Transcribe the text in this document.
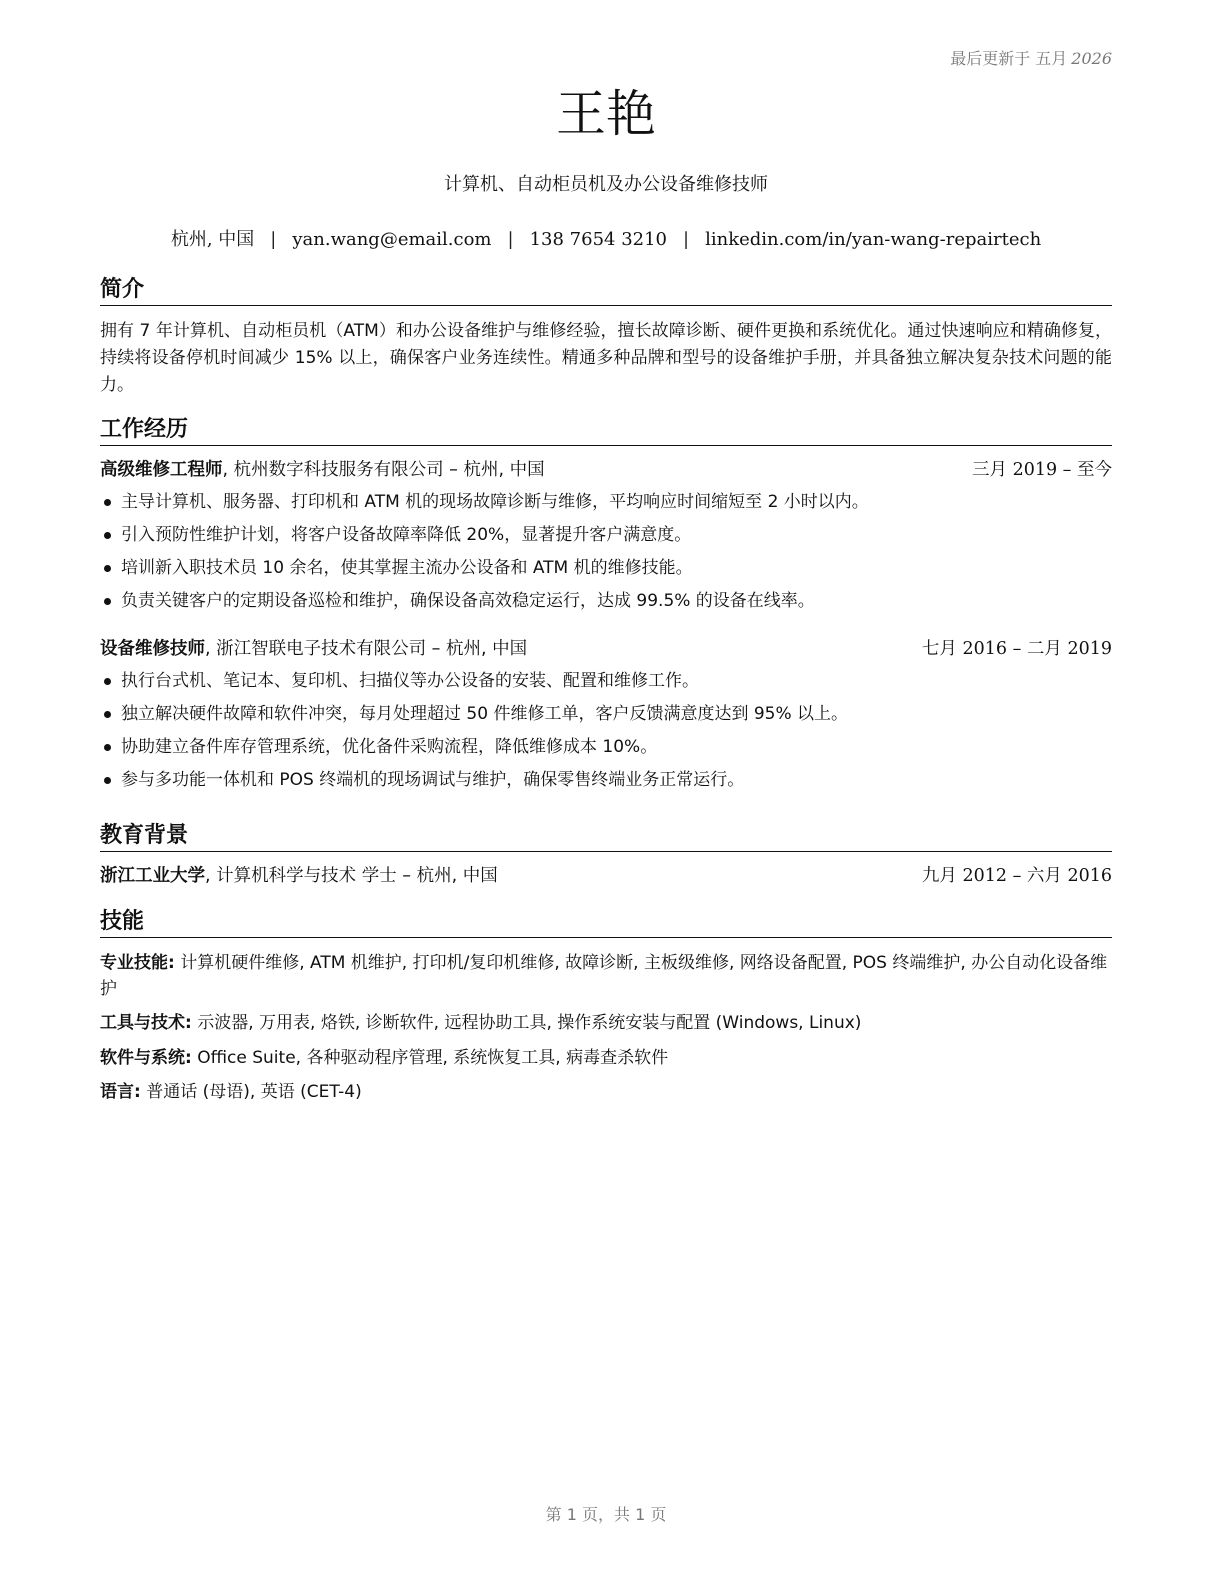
最后更新于 五月 2026
王艳
计算机、自动柜员机及办公设备维修技师
杭州, 中国 | yan.wang@email.com | 138 7654 3210 | linkedin.com/in/yan-wang-repairtech
简介

拥有 7 年计算机、自动柜员机（ATM）和办公设备维护与维修经验，擅长故障诊断、硬件更换和系统优化。通过快速响应和精确修复，持续将设备停机时间减少 15% 以上，确保客户业务连续性。精通多种品牌和型号的设备维护手册，并具备独立解决复杂技术问题的能力。

工作经历
高级维修工程师, 杭州数字科技服务有限公司 – 杭州, 中国	三月 2019 – 至今
主导计算机、服务器、打印机和 ATM 机的现场故障诊断与维修，平均响应时间缩短至 2 小时以内。
引入预防性维护计划，将客户设备故障率降低 20%，显著提升客户满意度。
培训新入职技术员 10 余名，使其掌握主流办公设备和 ATM 机的维修技能。
负责关键客户的定期设备巡检和维护，确保设备高效稳定运行，达成 99.5% 的设备在线率。
设备维修技师, 浙江智联电子技术有限公司 – 杭州, 中国	七月 2016 – 二月 2019
执行台式机、笔记本、复印机、扫描仪等办公设备的安装、配置和维修工作。
独立解决硬件故障和软件冲突，每月处理超过 50 件维修工单，客户反馈满意度达到 95% 以上。
协助建立备件库存管理系统，优化备件采购流程，降低维修成本 10%。
参与多功能一体机和 POS 终端机的现场调试与维护，确保零售终端业务正常运行。
教育背景
浙江工业大学, 计算机科学与技术 学士 – 杭州, 中国	九月 2012 – 六月 2016
技能
专业技能: 计算机硬件维修, ATM 机维护, 打印机/复印机维修, 故障诊断, 主板级维修, 网络设备配置, POS 终端维护, 办公自动化设备维护
工具与技术: 示波器, 万用表, 烙铁, 诊断软件, 远程协助工具, 操作系统安装与配置 (Windows, Linux)
软件与系统: Office Suite, 各种驱动程序管理, 系统恢复工具, 病毒查杀软件
语言: 普通话 (母语), 英语 (CET-4)
第 1 页，共 1 页
